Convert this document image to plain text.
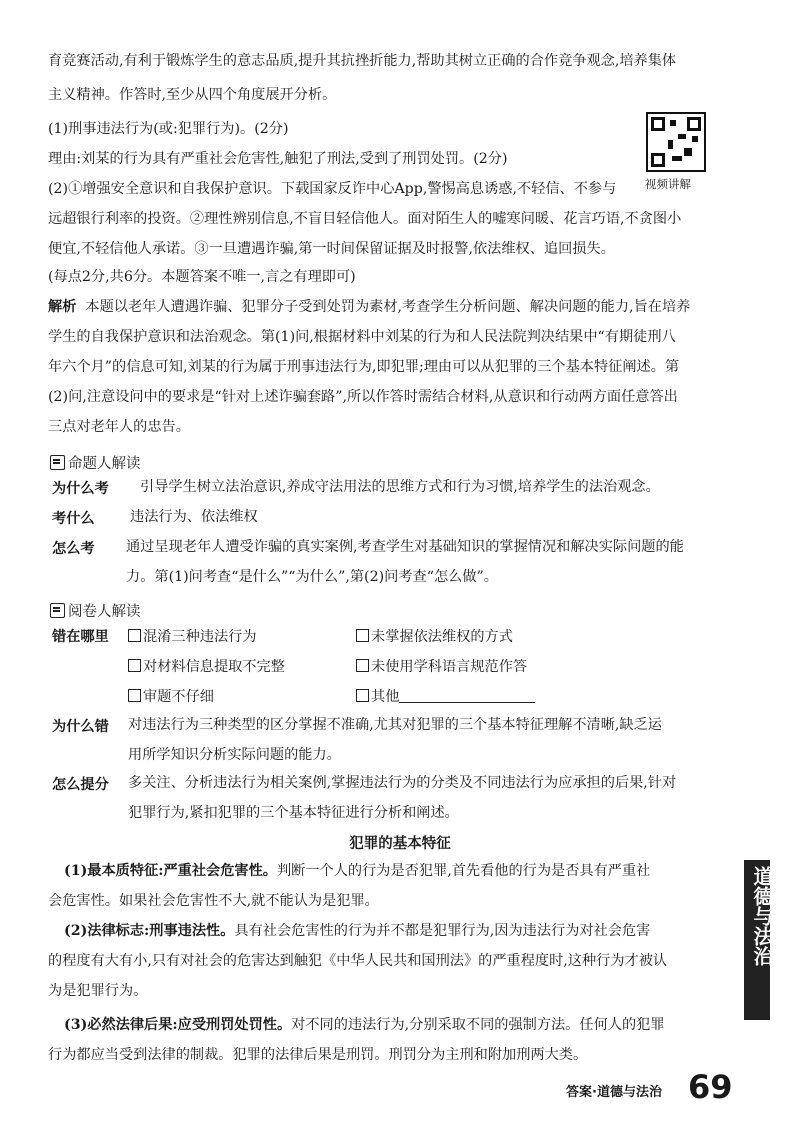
育竞赛活动,有利于锻炼学生的意志品质,提升其抗挫折能力,帮助其树立正确的合作竞争观念,培养集体
主义精神。作答时,至少从四个角度展开分析。
(1)刑事违法行为(或:犯罪行为)。(2分)
理由:刘某的行为具有严重社会危害性,触犯了刑法,受到了刑罚处罚。(2分)
视频讲解
(2)①增强安全意识和自我保护意识。下载国家反诈中心App,警惕高息诱惑,不轻信、不参与
远超银行利率的投资。②理性辨别信息,不盲目轻信他人。面对陌生人的嘘寒问暖、花言巧语,不贪图小
便宜,不轻信他人承诺。③一旦遭遇诈骗,第一时间保留证据及时报警,依法维权、追回损失。
(每点2分,共6分。本题答案不唯一,言之有理即可)
解析 本题以老年人遭遇诈骗、犯罪分子受到处罚为素材,考查学生分析问题、解决问题的能力,旨在培养
学生的自我保护意识和法治观念。第(1)问,根据材料中刘某的行为和人民法院判决结果中“有期徒刑八
年六个月”的信息可知,刘某的行为属于刑事违法行为,即犯罪;理由可以从犯罪的三个基本特征阐述。第
(2)问,注意设问中的要求是“针对上述诈骗套路”,所以作答时需结合材料,从意识和行动两方面任意答出
三点对老年人的忠告。
命题人解读
为什么考 引导学生树立法治意识,养成守法用法的思维方式和行为习惯,培养学生的法治观念。
考什么 违法行为、依法维权
怎么考 通过呈现老年人遭受诈骗的真实案例,考查学生对基础知识的掌握情况和解决实际问题的能
力。第(1)问考查“是什么”“为什么”,第(2)问考查“怎么做”。
阅卷人解读
错在哪里	混淆三种违法行为	未掌握依法维权的方式
对材料信息提取不完整	未使用学科语言规范作答
审题不仔细	其他
为什么错 对违法行为三种类型的区分掌握不准确,尤其对犯罪的三个基本特征理解不清晰,缺乏运
用所学知识分析实际问题的能力。
怎么提分 多关注、分析违法行为相关案例,掌握违法行为的分类及不同违法行为应承担的后果,针对
犯罪行为,紧扣犯罪的三个基本特征进行分析和阐述。
犯罪的基本特征
(1)最本质特征:严重社会危害性。判断一个人的行为是否犯罪,首先看他的行为是否具有严重社
会危害性。如果社会危害性不大,就不能认为是犯罪。
(2)法律标志:刑事违法性。具有社会危害性的行为并不都是犯罪行为,因为违法行为对社会危害
的程度有大有小,只有对社会的危害达到触犯《中华人民共和国刑法》的严重程度时,这种行为才被认
为是犯罪行为。
(3)必然法律后果:应受刑罚处罚性。对不同的违法行为,分别采取不同的强制方法。任何人的犯罪
行为都应当受到法律的制裁。犯罪的法律后果是刑罚。刑罚分为主刑和附加刑两大类。
道德与法治
答案·道德与法治 69
